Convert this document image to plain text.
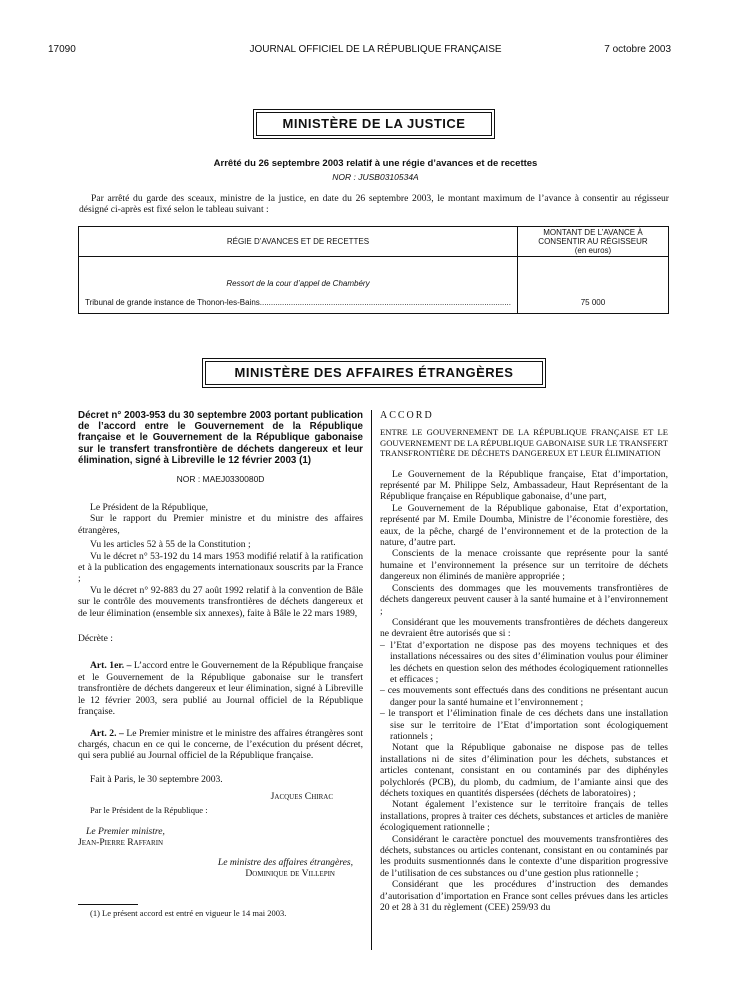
17090	JOURNAL OFFICIEL DE LA RÉPUBLIQUE FRANÇAISE	7 octobre 2003
MINISTÈRE DE LA JUSTICE
Arrêté du 26 septembre 2003 relatif à une régie d’avances et de recettes
NOR : JUSB0310534A

Par arrêté du garde des sceaux, ministre de la justice, en date du 26 septembre 2003, le montant maximum de l’avance à consentir au régisseur désigné ci-après est fixé selon le tableau suivant :

RÉGIE D’AVANCES ET DE RECETTES	MONTANT DE L’AVANCE À CONSENTIR AU RÉGISSEUR
(en euros)

Ressort de la cour d’appel de Chambéry
Tribunal de grande instance de Thonon-les-Bains.................................................................................................................	75 000
MINISTÈRE DES AFFAIRES ÉTRANGÈRES

Décret n° 2003-953 du 30 septembre 2003 portant publication de l’accord entre le Gouvernement de la République française et le Gouvernement de la République gabonaise sur le transfert transfrontière de déchets dangereux et leur élimination, signé à Libreville le 12 février 2003 (1)

NOR : MAEJ0330080D

Le Président de la République,

Sur le rapport du Premier ministre et du ministre des affaires étrangères,

Vu les articles 52 à 55 de la Constitution ;

Vu le décret n° 53-192 du 14 mars 1953 modifié relatif à la ratification et à la publication des engagements internationaux souscrits par la France ;

Vu le décret n° 92-883 du 27 août 1992 relatif à la convention de Bâle sur le contrôle des mouvements transfrontières de déchets dangereux et de leur élimination (ensemble six annexes), faite à Bâle le 22 mars 1989,

Décrète :

Art. 1er. – L’accord entre le Gouvernement de la République française et le Gouvernement de la République gabonaise sur le transfert transfrontière de déchets dangereux et leur élimination, signé à Libreville le 12 février 2003, sera publié au Journal officiel de la République française.

Art. 2. – Le Premier ministre et le ministre des affaires étrangères sont chargés, chacun en ce qui le concerne, de l’exécution du présent décret, qui sera publié au Journal officiel de la République française.

Fait à Paris, le 30 septembre 2003.

Jacques Chirac

Par le Président de la République :

Le Premier ministre,

Jean-Pierre Raffarin

Le ministre des affaires étrangères,

Dominique de Villepin

(1) Le présent accord est entré en vigueur le 14 mai 2003.

ACCORD

ENTRE LE GOUVERNEMENT DE LA RÉPUBLIQUE FRANÇAISE ET LE GOUVERNEMENT DE LA RÉPUBLIQUE GABONAISE SUR LE TRANSFERT TRANSFRONTIÈRE DE DÉCHETS DANGEREUX ET LEUR ÉLIMINATION

Le Gouvernement de la République française, Etat d’importation, représenté par M. Philippe Selz, Ambassadeur, Haut Représentant de la République française en République gabonaise, d’une part,

Le Gouvernement de la République gabonaise, Etat d’exportation, représenté par M. Emile Doumba, Ministre de l’économie forestière, des eaux, de la pêche, chargé de l’environnement et de la protection de la nature, d’autre part.

Conscients de la menace croissante que représente pour la santé humaine et l’environnement la présence sur un territoire de déchets dangereux non éliminés de manière appropriée ;

Conscients des dommages que les mouvements transfrontières de déchets dangereux peuvent causer à la santé humaine et à l’environnement ;

Considérant que les mouvements transfrontières de déchets dangereux ne devraient être autorisés que si :

– l’Etat d’exportation ne dispose pas des moyens techniques et des installations nécessaires ou des sites d’élimination voulus pour éliminer les déchets en question selon des méthodes écologiquement rationnelles et efficaces ;

– ces mouvements sont effectués dans des conditions ne présentant aucun danger pour la santé humaine et l’environnement ;

– le transport et l’élimination finale de ces déchets dans une installation sise sur le territoire de l’Etat d’importation sont écologiquement rationnels ;

Notant que la République gabonaise ne dispose pas de telles installations ni de sites d’élimination pour les déchets, substances et articles contenant, consistant en ou contaminés par des diphényles polychlorés (PCB), du plomb, du cadmium, de l’amiante ainsi que des déchets toxiques en quantités dispersées (déchets de laboratoires) ;

Notant également l’existence sur le territoire français de telles installations, propres à traiter ces déchets, substances et articles de manière écologiquement rationnelle ;

Considérant le caractère ponctuel des mouvements transfrontières des déchets, substances ou articles contenant, consistant en ou contaminés par les produits susmentionnés dans le contexte d’une disparition progressive de l’utilisation de ces substances ou d’une gestion plus rationnelle ;

Considérant que les procédures d’instruction des demandes d’autorisation d’importation en France sont celles prévues dans les articles 20 et 28 à 31 du règlement (CEE) 259/93 du
